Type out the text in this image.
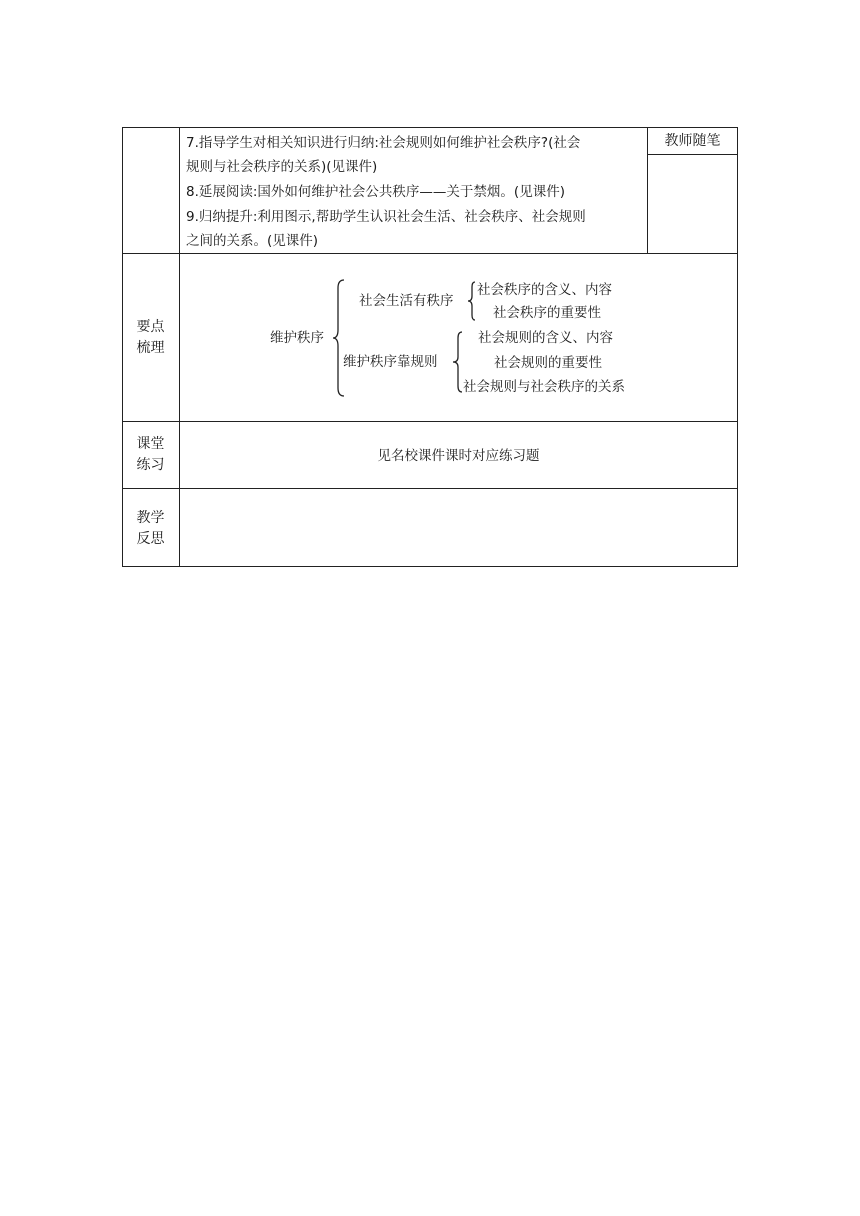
7.指导学生对相关知识进行归纳:社会规则如何维护社会秩序?(社会
规则与社会秩序的关系)(见课件)
8.延展阅读:国外如何维护社会公共秩序——关于禁烟。(见课件)
9.归纳提升:利用图示,帮助学生认识社会生活、社会秩序、社会规则
之间的关系。(见课件)
教师随笔
要点
梳理
维护秩序
社会生活有秩序
社会秩序的含义、内容
社会秩序的重要性
维护秩序靠规则
社会规则的含义、内容
社会规则的重要性
社会规则与社会秩序的关系
课堂
练习
见名校课件课时对应练习题
教学
反思
